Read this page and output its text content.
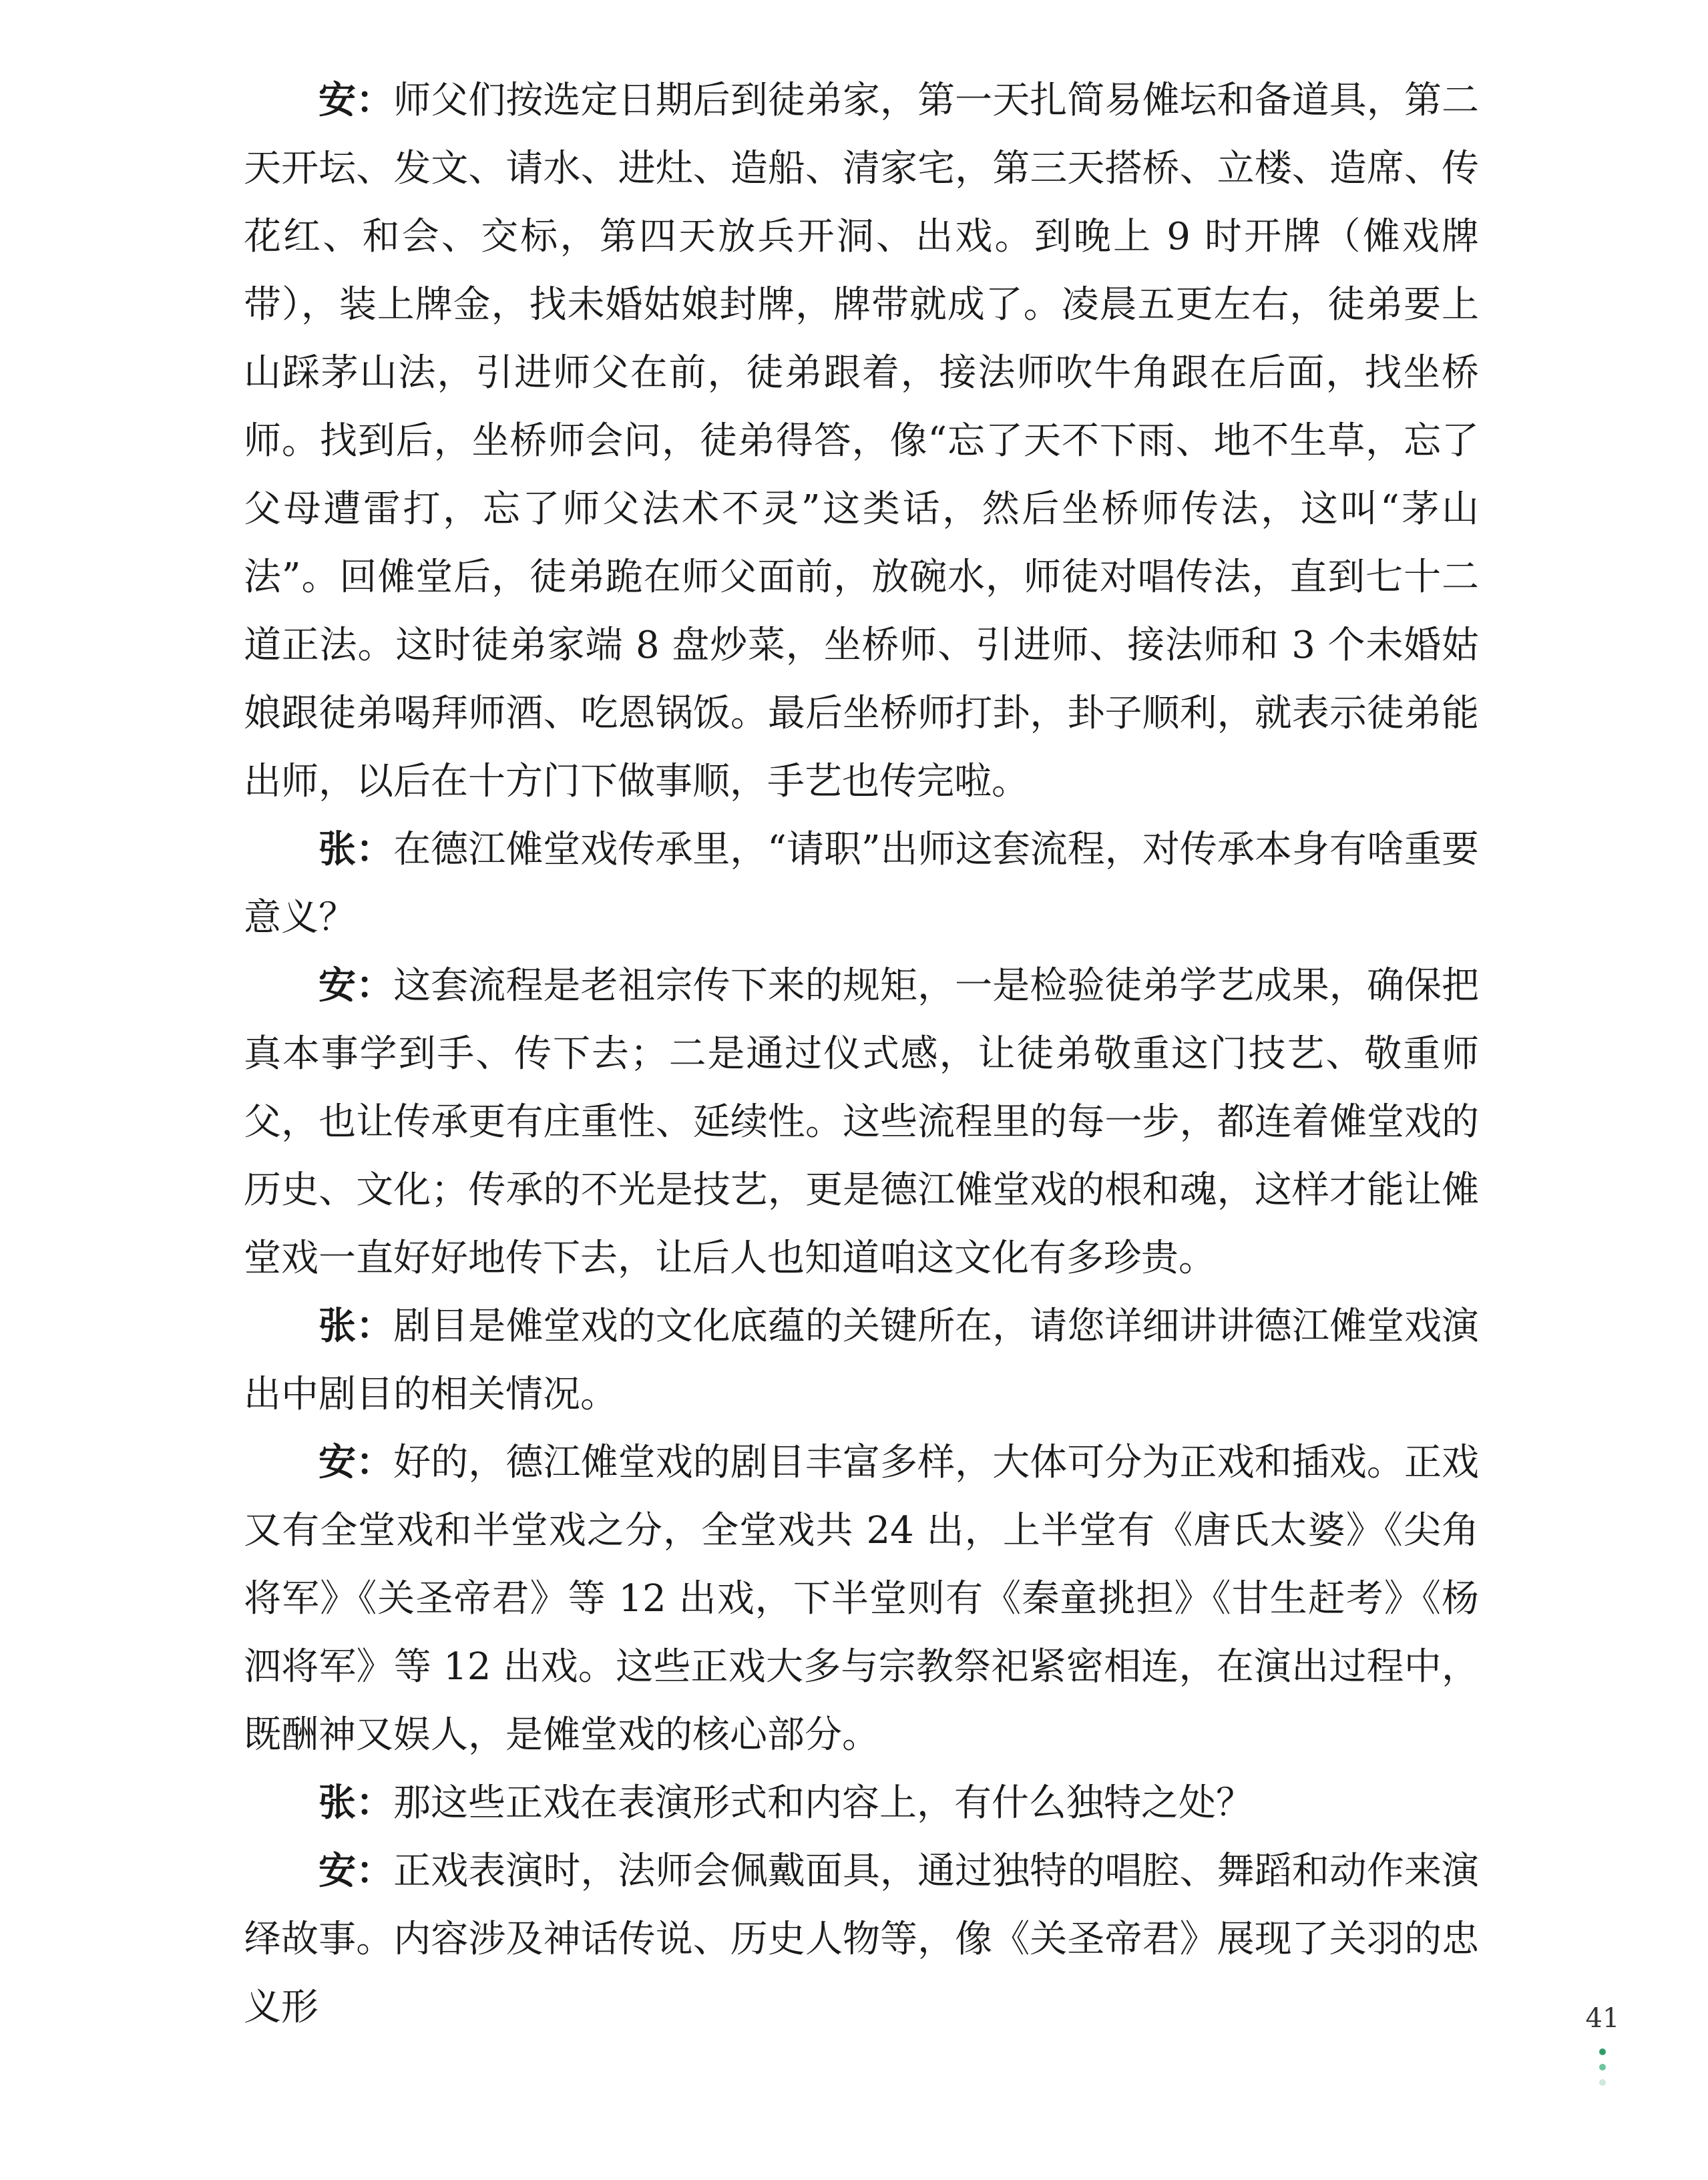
安：师父们按选定日期后到徒弟家，第一天扎简易傩坛和备道具，第二天开坛、发文、请水、进灶、造船、清家宅，第三天搭桥、立楼、造席、传花红、和会、交标，第四天放兵开洞、出戏。到晚上 9 时开牌（傩戏牌带），装上牌金，找未婚姑娘封牌，牌带就成了。凌晨五更左右，徒弟要上山踩茅山法，引进师父在前，徒弟跟着，接法师吹牛角跟在后面，找坐桥师。找到后，坐桥师会问，徒弟得答，像“忘了天不下雨、地不生草，忘了父母遭雷打，忘了师父法术不灵”这类话，然后坐桥师传法，这叫“茅山法”。回傩堂后，徒弟跪在师父面前，放碗水，师徒对唱传法，直到七十二道正法。这时徒弟家端 8 盘炒菜，坐桥师、引进师、接法师和 3 个未婚姑娘跟徒弟喝拜师酒、吃恩锅饭。最后坐桥师打卦，卦子顺利，就表示徒弟能出师，以后在十方门下做事顺，手艺也传完啦。

张：在德江傩堂戏传承里，“请职”出师这套流程，对传承本身有啥重要意义？

安：这套流程是老祖宗传下来的规矩，一是检验徒弟学艺成果，确保把真本事学到手、传下去；二是通过仪式感，让徒弟敬重这门技艺、敬重师父，也让传承更有庄重性、延续性。这些流程里的每一步，都连着傩堂戏的历史、文化；传承的不光是技艺，更是德江傩堂戏的根和魂，这样才能让傩堂戏一直好好地传下去，让后人也知道咱这文化有多珍贵。

张：剧目是傩堂戏的文化底蕴的关键所在，请您详细讲讲德江傩堂戏演出中剧目的相关情况。

安：好的，德江傩堂戏的剧目丰富多样，大体可分为正戏和插戏。正戏又有全堂戏和半堂戏之分，全堂戏共 24 出，上半堂有《唐氏太婆》《尖角将军》《关圣帝君》等 12 出戏，下半堂则有《秦童挑担》《甘生赶考》《杨泗将军》等 12 出戏。这些正戏大多与宗教祭祀紧密相连，在演出过程中，既酬神又娱人，是傩堂戏的核心部分。

张：那这些正戏在表演形式和内容上，有什么独特之处？

安：正戏表演时，法师会佩戴面具，通过独特的唱腔、舞蹈和动作来演绎故事。内容涉及神话传说、历史人物等，像《关圣帝君》展现了关羽的忠义形	41
